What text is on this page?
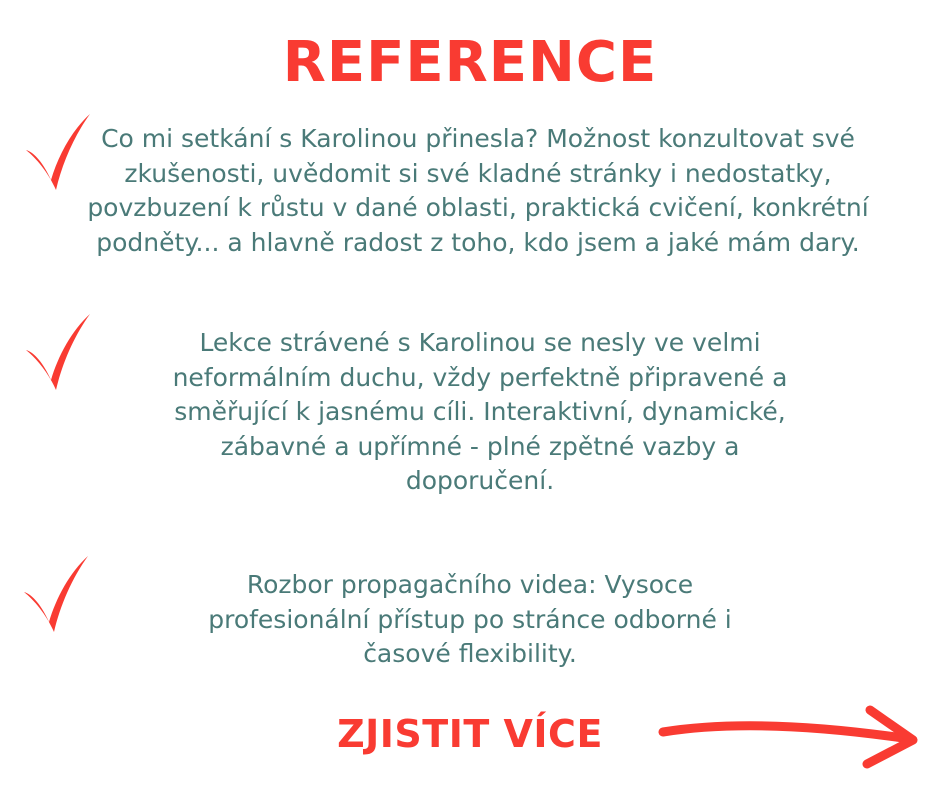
REFERENCE
Co mi setkání s Karolinou přinesla? Možnost konzultovat své zkušenosti, uvědomit si své kladné stránky i nedostatky, povzbuzení k růstu v dané oblasti, praktická cvičení, konkrétní podněty... a hlavně radost z toho, kdo jsem a jaké mám dary.
Lekce strávené s Karolinou se nesly ve velmi neformálním duchu, vždy perfektně připravené a směřující k jasnému cíli. Interaktivní, dynamické, zábavné a upřímné - plné zpětné vazby a doporučení.
Rozbor propagačního videa: Vysoce profesionální přístup po stránce odborné i časové flexibility.
ZJISTIT VÍCE
